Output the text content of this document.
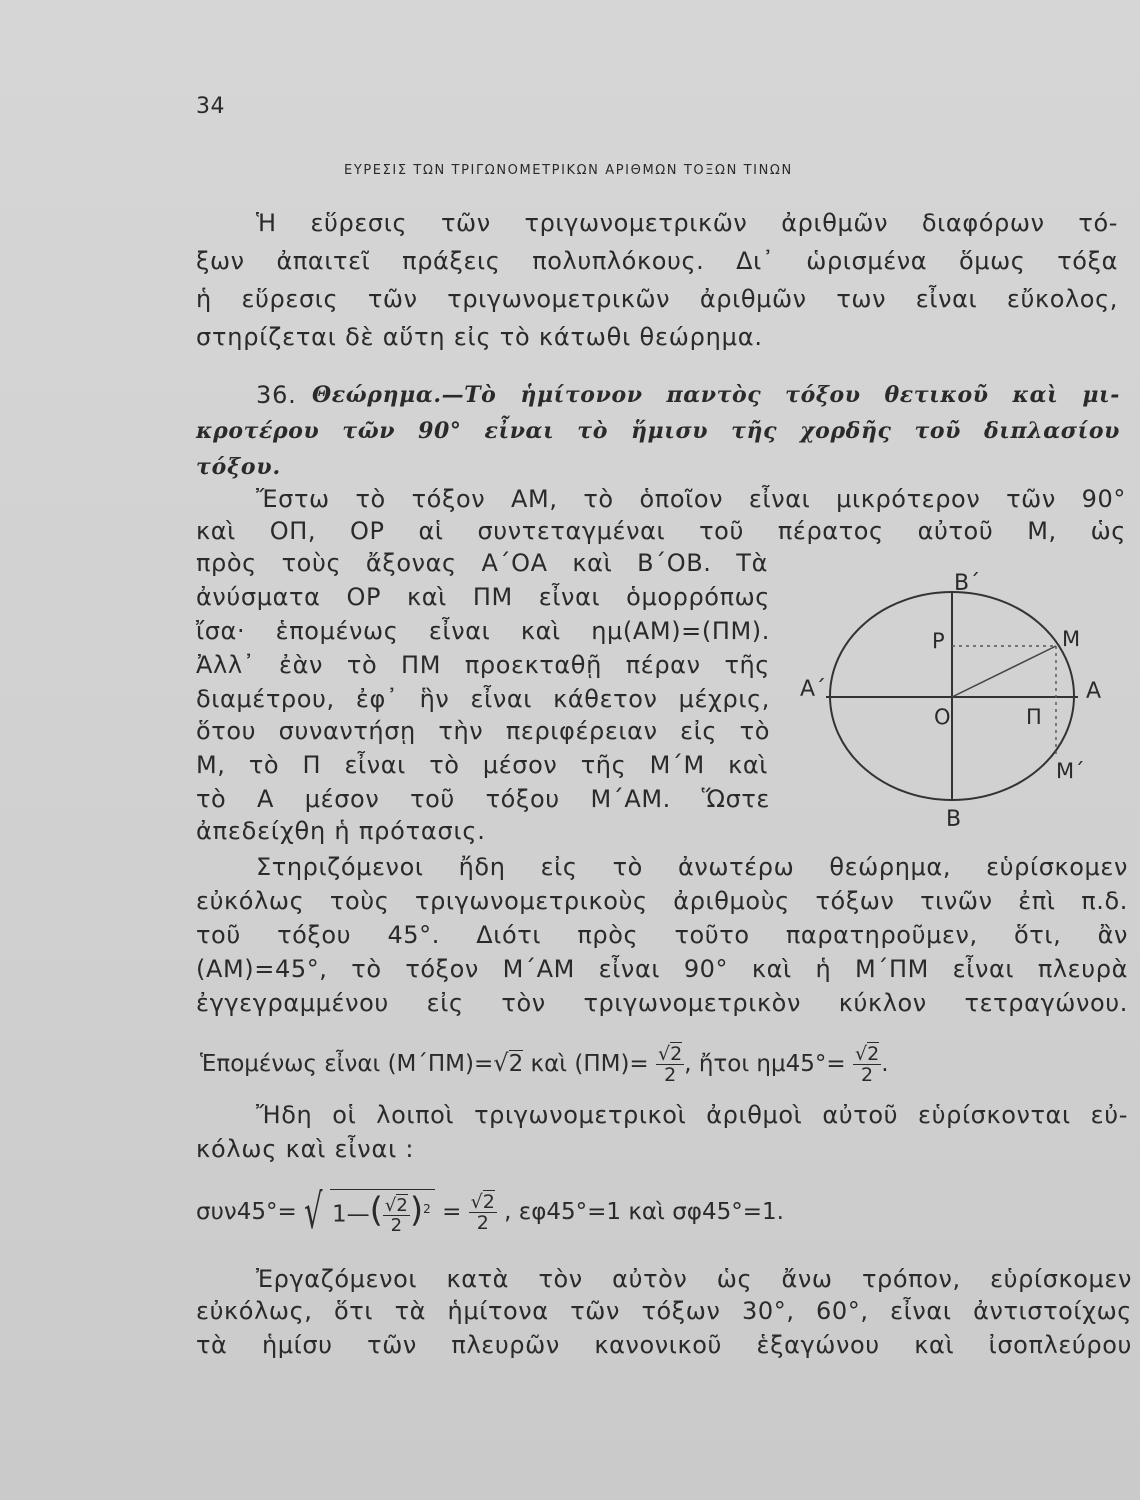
34
ΕΥΡΕΣΙΣ ΤΩΝ ΤΡΙΓΩΝΟΜΕΤΡΙΚΩΝ ΑΡΙΘΜΩΝ ΤΟΞΩΝ ΤΙΝΩΝ
Ἡ εὕρεσις τῶν τριγωνομετρικῶν ἀριθμῶν διαφόρων τό-
ξων ἀπαιτεῖ πράξεις πολυπλόκους. Δι᾽ ὡρισμένα ὅμως τόξα
ἡ εὕρεσις τῶν τριγωνομετρικῶν ἀριθμῶν των εἶναι εὔκολος,
στηρίζεται δὲ αὕτη εἰς τὸ κάτωθι θεώρημα.
36. Θεώρημα.—Τὸ ἡμίτονον παντὸς τόξου θετικοῦ καὶ μι-
κροτέρου τῶν 90° εἶναι τὸ ἥμισυ τῆς χορδῆς τοῦ διπλασίου
τόξου.
Ἔστω τὸ τόξον ΑΜ, τὸ ὁποῖον εἶναι μικρότερον τῶν 90°
καὶ ΟΠ, ΟΡ αἱ συντεταγμέναι τοῦ πέρατος αὐτοῦ Μ, ὡς
πρὸς τοὺς ἄξονας Α΄ΟΑ καὶ Β΄ΟΒ. Τὰ
ἀνύσματα ΟΡ καὶ ΠΜ εἶναι ὁμορρόπως
ἴσα· ἑπομένως εἶναι καὶ ημ(ΑΜ)=(ΠΜ).
Ἀλλ᾽ ἐὰν τὸ ΠΜ προεκταθῇ πέραν τῆς
διαμέτρου, ἐφ᾽ ἣν εἶναι κάθετον μέχρις,
ὅτου συναντήσῃ τὴν περιφέρειαν εἰς τὸ
Μ, τὸ Π εἶναι τὸ μέσον τῆς Μ΄Μ καὶ
τὸ Α μέσον τοῦ τόξου Μ΄ΑΜ. Ὥστε
ἀπεδείχθη ἡ πρότασις.
Β΄
Β
Α΄	Α
Ρ	Μ
Ο	Π
Μ΄
Στηριζόμενοι ἤδη εἰς τὸ ἀνωτέρω θεώρημα, εὑρίσκομεν
εὐκόλως τοὺς τριγωνομετρικοὺς ἀριθμοὺς τόξων τινῶν ἐπὶ π.δ.
τοῦ τόξου 45°. Διότι πρὸς τοῦτο παρατηροῦμεν, ὅτι, ἂν
(ΑΜ)=45°, τὸ τόξον Μ΄ΑΜ εἶναι 90° καὶ ἡ Μ΄ΠΜ εἶναι πλευρὰ
ἐγγεγραμμένου εἰς τὸν τριγωνομετρικὸν κύκλον τετραγώνου.
Ἑπομένως εἶναι (Μ΄ΠΜ)=√2 καὶ $(\Pi M)= \frac{√2}{2}$ , ἤτοι $\eta\mu 45^\circ= \frac{√2}{2}$ .
Ἤδη οἱ λοιποὶ τριγωνομετρικοὶ ἀριθμοὶ αὐτοῦ εὑρίσκονται εὐ-
κόλως καὶ εἶναι :
συν45°= √ 1—( $\frac{√2}{2} )^2 = \frac{√2}{2}$ , εφ45°=1 καὶ σφ45°=1.
Ἐργαζόμενοι κατὰ τὸν αὐτὸν ὡς ἄνω τρόπον, εὑρίσκομεν
εὐκόλως, ὅτι τὰ ἡμίτονα τῶν τόξων 30°, 60°, εἶναι ἀντιστοίχως
τὰ ἡμίσυ τῶν πλευρῶν κανονικοῦ ἑξαγώνου καὶ ἰσοπλεύρου
